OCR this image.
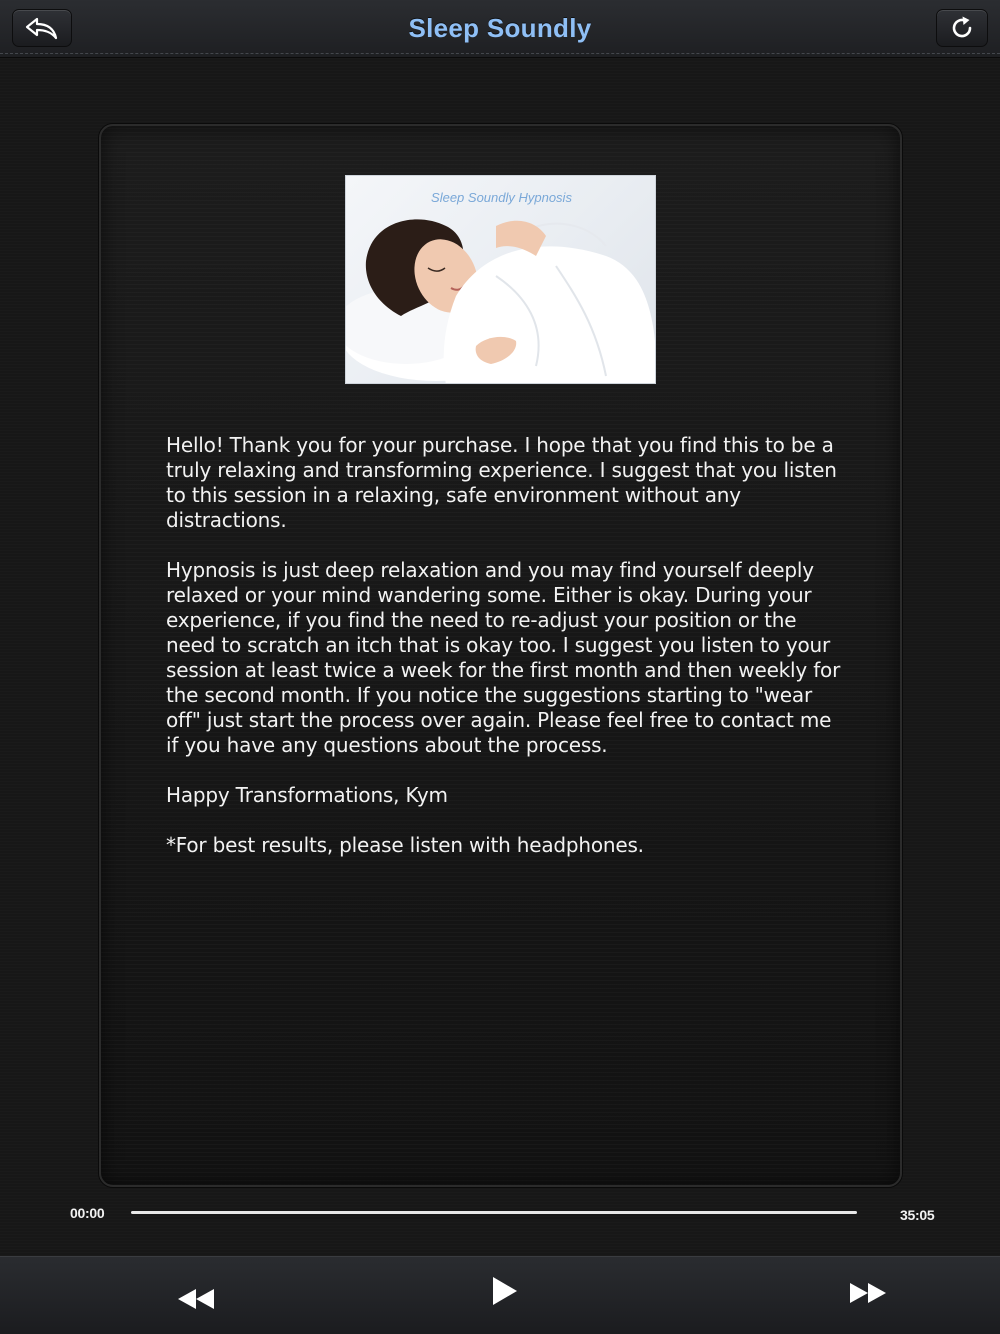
Sleep Soundly
Sleep Soundly Hypnosis

Hello! Thank you for your purchase. I hope that you find this to be a truly relaxing and transforming experience. I suggest that you listen to this session in a relaxing, safe environment without any distractions.

Hypnosis is just deep relaxation and you may find yourself deeply relaxed or your mind wandering some. Either is okay. During your experience, if you find the need to re-adjust your position or the need to scratch an itch that is okay too. I suggest you listen to your session at least twice a week for the first month and then weekly for the second month. If you notice the suggestions starting to "wear off" just start the process over again. Please feel free to contact me if you have any questions about the process.

Happy Transformations, Kym

*For best results, please listen with headphones.

00:00	35:05
